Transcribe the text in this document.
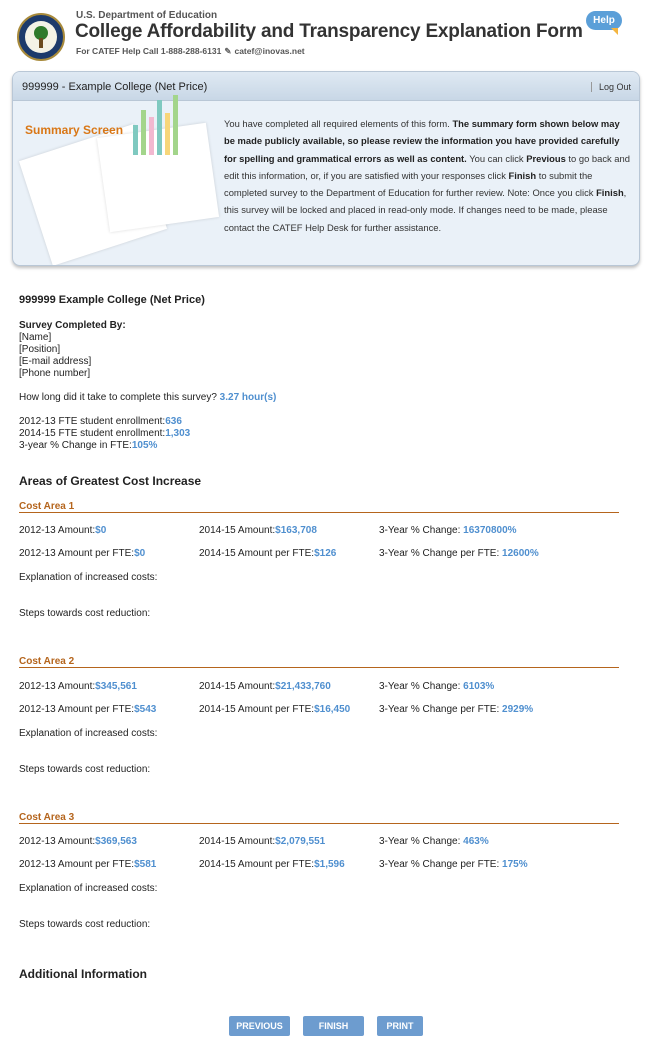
U.S. Department of Education
College Affordability and Transparency Explanation Form
For CATEF Help Call 1-888-288-6131 ✎ catef@inovas.net
Help
999999 - Example College (Net Price)	Log Out
Summary Screen	You have completed all required elements of this form. The summary form shown below may be made publicly available, so please review the information you have provided carefully for spelling and grammatical errors as well as content. You can click Previous to go back and edit this information, or, if you are satisfied with your responses click Finish to submit the completed survey to the Department of Education for further review. Note: Once you click Finish, this survey will be locked and placed in read-only mode. If changes need to be made, please contact the CATEF Help Desk for further assistance.
999999 Example College (Net Price)
Survey Completed By:
[Name]
[Position]
[E-mail address]
[Phone number]
How long did it take to complete this survey? 3.27 hour(s)
2012-13 FTE student enrollment:636
2014-15 FTE student enrollment:1,303
3-year % Change in FTE:105%
Areas of Greatest Cost Increase
Cost Area 1
2012-13 Amount:$0	2014-15 Amount:$163,708	3-Year % Change: 16370800%
2012-13 Amount per FTE:$0	2014-15 Amount per FTE:$126	3-Year % Change per FTE: 12600%
Explanation of increased costs:
Steps towards cost reduction:
Cost Area 2
2012-13 Amount:$345,561	2014-15 Amount:$21,433,760	3-Year % Change: 6103%
2012-13 Amount per FTE:$543	2014-15 Amount per FTE:$16,450	3-Year % Change per FTE: 2929%
Explanation of increased costs:
Steps towards cost reduction:
Cost Area 3
2012-13 Amount:$369,563	2014-15 Amount:$2,079,551	3-Year % Change: 463%
2012-13 Amount per FTE:$581	2014-15 Amount per FTE:$1,596	3-Year % Change per FTE: 175%
Explanation of increased costs:
Steps towards cost reduction:
Additional Information
PREVIOUS	FINISH	PRINT
